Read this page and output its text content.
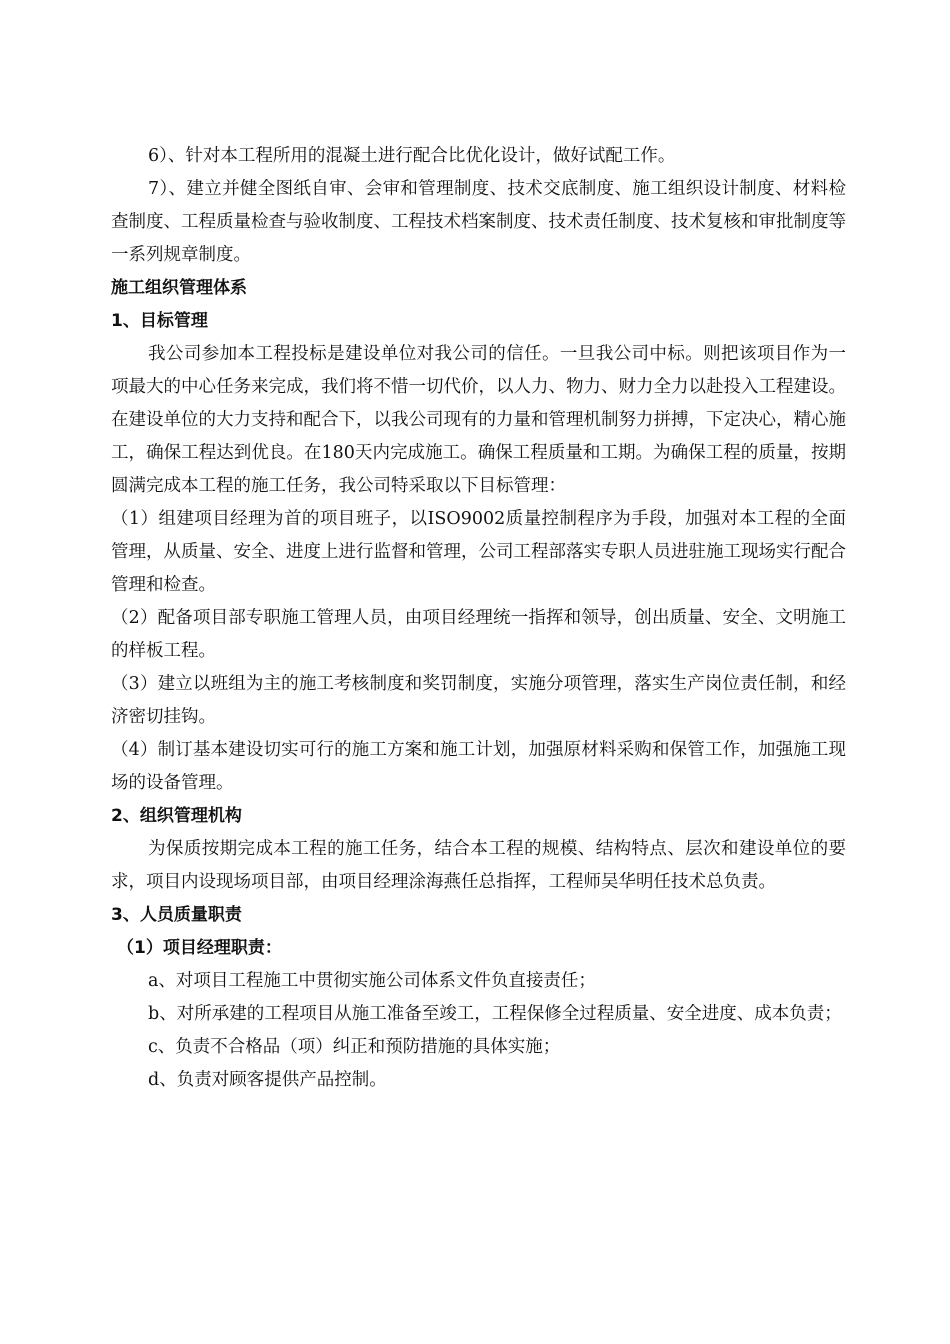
6）、针对本工程所用的混凝土进行配合比优化设计，做好试配工作。

7）、建立并健全图纸自审、会审和管理制度、技术交底制度、施工组织设计制度、材料检查制度、工程质量检查与验收制度、工程技术档案制度、技术责任制度、技术复核和审批制度等一系列规章制度。

施工组织管理体系

1、目标管理

我公司参加本工程投标是建设单位对我公司的信任。一旦我公司中标。则把该项目作为一项最大的中心任务来完成，我们将不惜一切代价，以人力、物力、财力全力以赴投入工程建设。在建设单位的大力支持和配合下，以我公司现有的力量和管理机制努力拼搏，下定决心，精心施工，确保工程达到优良。在180天内完成施工。确保工程质量和工期。为确保工程的质量，按期圆满完成本工程的施工任务，我公司特采取以下目标管理：

（1）组建项目经理为首的项目班子，以ISO9002质量控制程序为手段，加强对本工程的全面管理，从质量、安全、进度上进行监督和管理，公司工程部落实专职人员进驻施工现场实行配合管理和检查。

（2）配备项目部专职施工管理人员，由项目经理统一指挥和领导，创出质量、安全、文明施工的样板工程。

（3）建立以班组为主的施工考核制度和奖罚制度，实施分项管理，落实生产岗位责任制，和经济密切挂钩。

（4）制订基本建设切实可行的施工方案和施工计划，加强原材料采购和保管工作，加强施工现场的设备管理。

2、组织管理机构

为保质按期完成本工程的施工任务，结合本工程的规模、结构特点、层次和建设单位的要求，项目内设现场项目部，由项目经理涂海燕任总指挥，工程师吴华明任技术总负责。

3、人员质量职责

（1）项目经理职责：

a、对项目工程施工中贯彻实施公司体系文件负直接责任；

b、对所承建的工程项目从施工准备至竣工，工程保修全过程质量、安全进度、成本负责；

c、负责不合格品（项）纠正和预防措施的具体实施；

d、负责对顾客提供产品控制。
